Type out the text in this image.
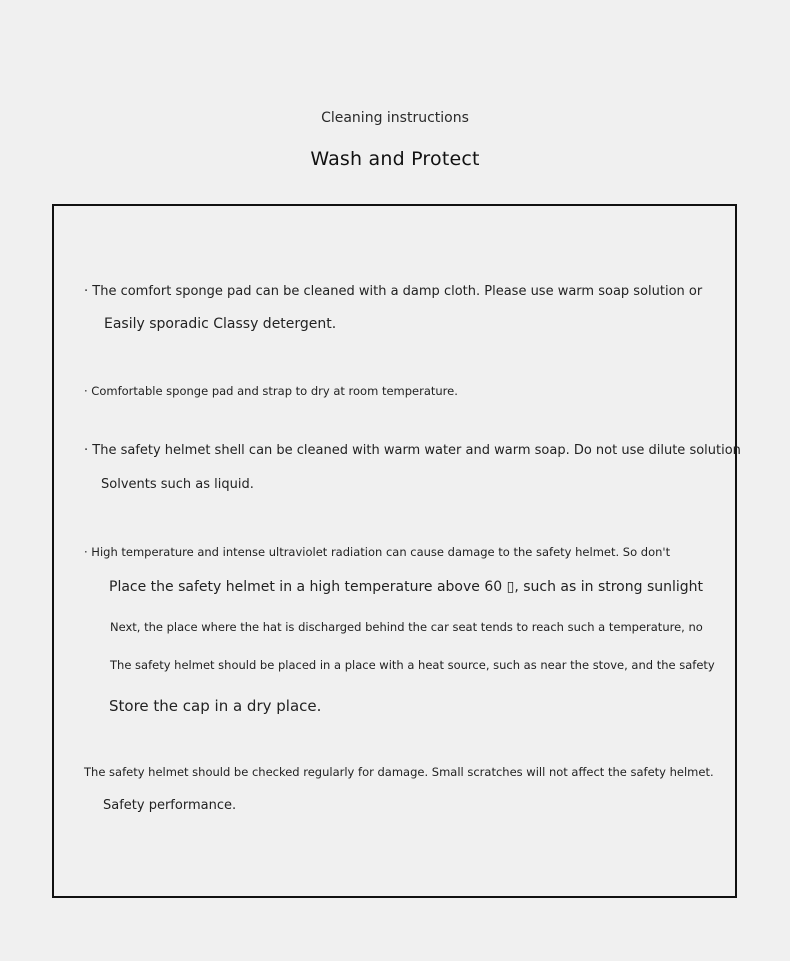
Cleaning instructions

Wash and Protect

· The comfort sponge pad can be cleaned with a damp cloth. Please use warm soap solution or

Easily sporadic Classy detergent.

· Comfortable sponge pad and strap to dry at room temperature.

· The safety helmet shell can be cleaned with warm water and warm soap. Do not use dilute solution

Solvents such as liquid.

· High temperature and intense ultraviolet radiation can cause damage to the safety helmet. So don't

Place the safety helmet in a high temperature above 60 ▯, such as in strong sunlight

Next, the place where the hat is discharged behind the car seat tends to reach such a temperature, no

The safety helmet should be placed in a place with a heat source, such as near the stove, and the safety

Store the cap in a dry place.

The safety helmet should be checked regularly for damage. Small scratches will not affect the safety helmet.

Safety performance.
